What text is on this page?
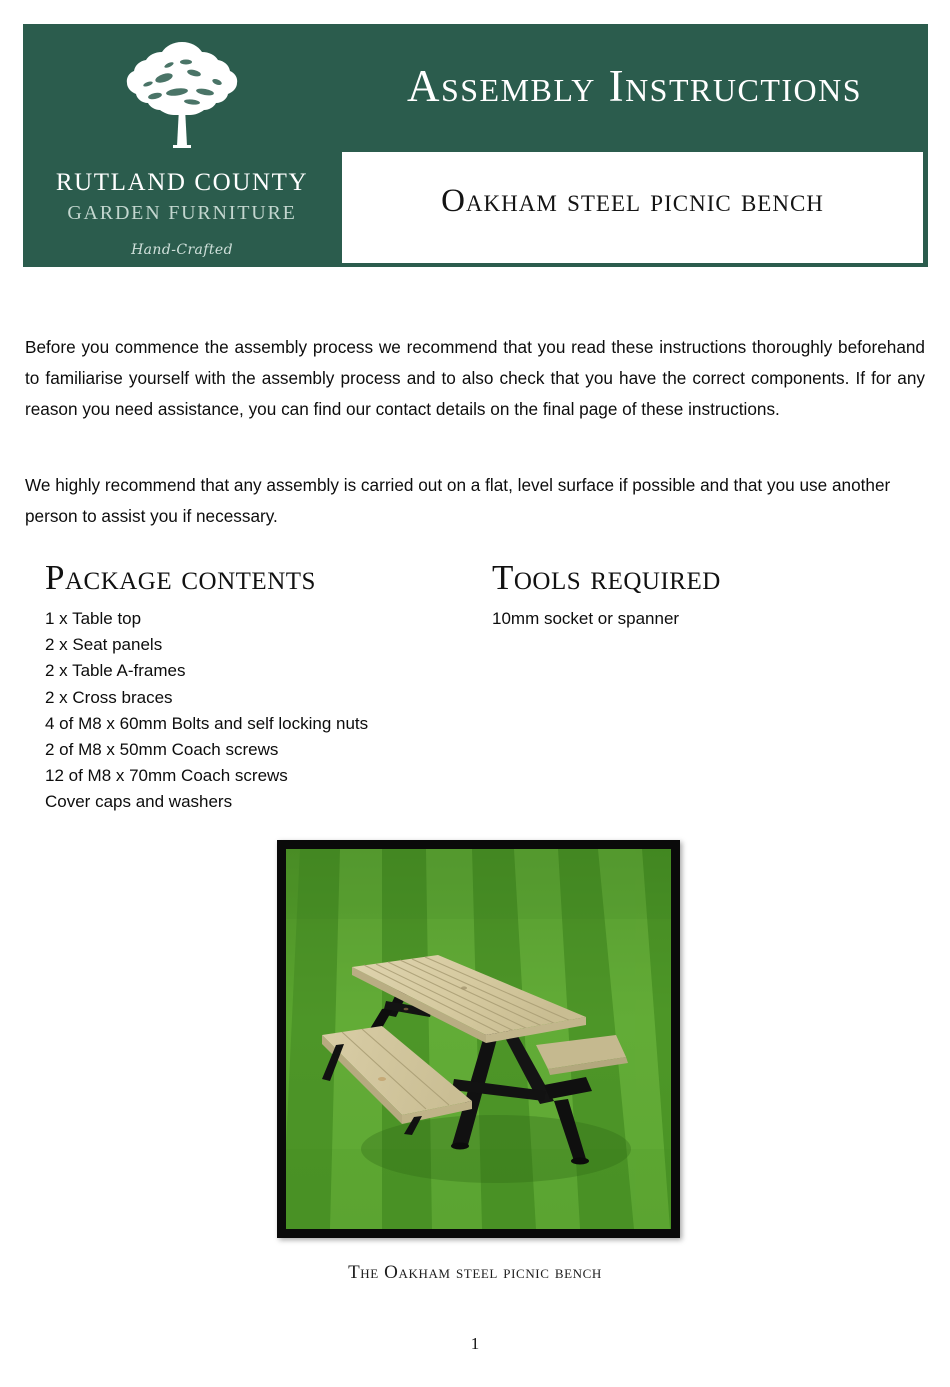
RUTLAND COUNTY
GARDEN FURNITURE
Hand-Crafted
Assembly Instructions
Oakham steel picnic bench

Before you commence the assembly process we recommend that you read these instructions thoroughly beforehand to familiarise yourself with the assembly process and to also check that you have the correct components. If for any reason you need assistance, you can find our contact details on the final page of these instructions.

We highly recommend that any assembly is carried out on a flat, level surface if possible and that you use another person to assist you if necessary.

Package contents
1 x Table top
2 x Seat panels
2 x Table A-frames
2 x Cross braces
4 of M8 x 60mm Bolts and self locking nuts
2 of M8 x 50mm Coach screws
12 of M8 x 70mm Coach screws
Cover caps and washers
Tools required
10mm socket or spanner
The Oakham steel picnic bench
1
